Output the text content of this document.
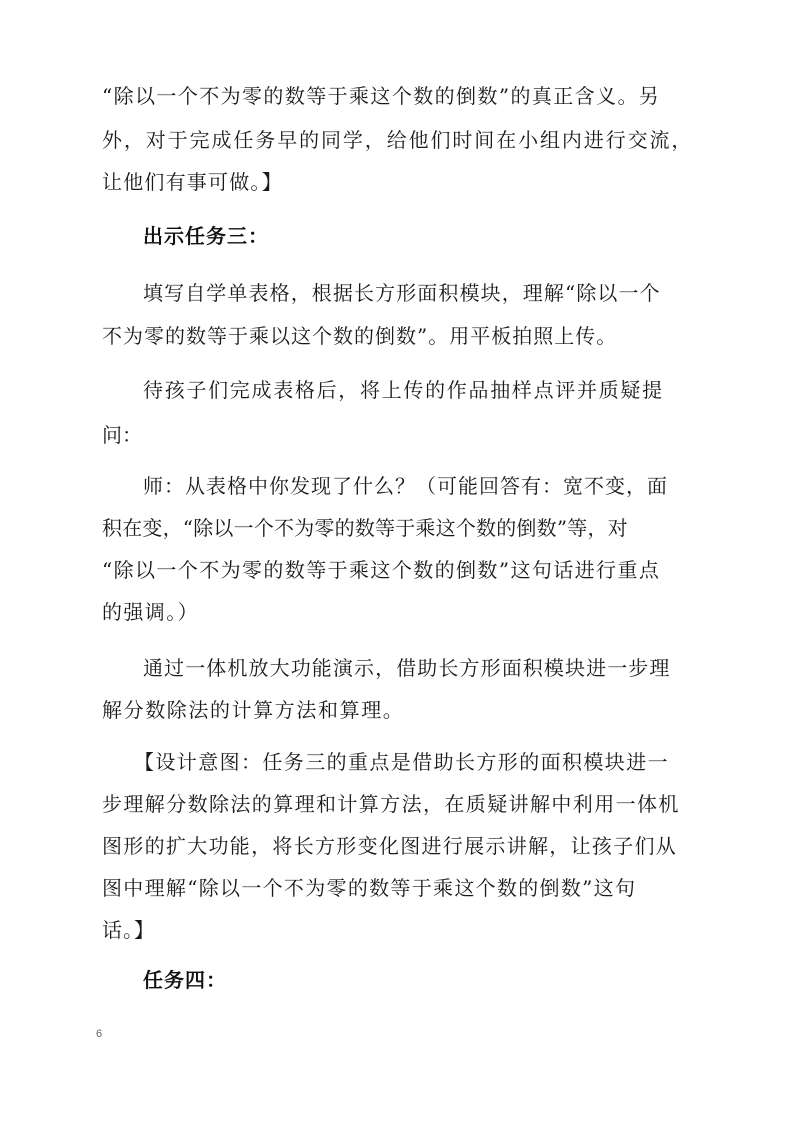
“除以一个不为零的数等于乘这个数的倒数”的真正含义。另
外，对于完成任务早的同学，给他们时间在小组内进行交流，
让他们有事可做。】
出示任务三：
填写自学单表格，根据长方形面积模块，理解“除以一个
不为零的数等于乘以这个数的倒数”。用平板拍照上传。
待孩子们完成表格后，将上传的作品抽样点评并质疑提
问：
师：从表格中你发现了什么？（可能回答有：宽不变，面
积在变，“除以一个不为零的数等于乘这个数的倒数”等，对
“除以一个不为零的数等于乘这个数的倒数”这句话进行重点
的强调。）
通过一体机放大功能演示，借助长方形面积模块进一步理
解分数除法的计算方法和算理。
【设计意图：任务三的重点是借助长方形的面积模块进一
步理解分数除法的算理和计算方法，在质疑讲解中利用一体机
图形的扩大功能，将长方形变化图进行展示讲解，让孩子们从
图中理解“除以一个不为零的数等于乘这个数的倒数”这句
话。】
任务四：
6
